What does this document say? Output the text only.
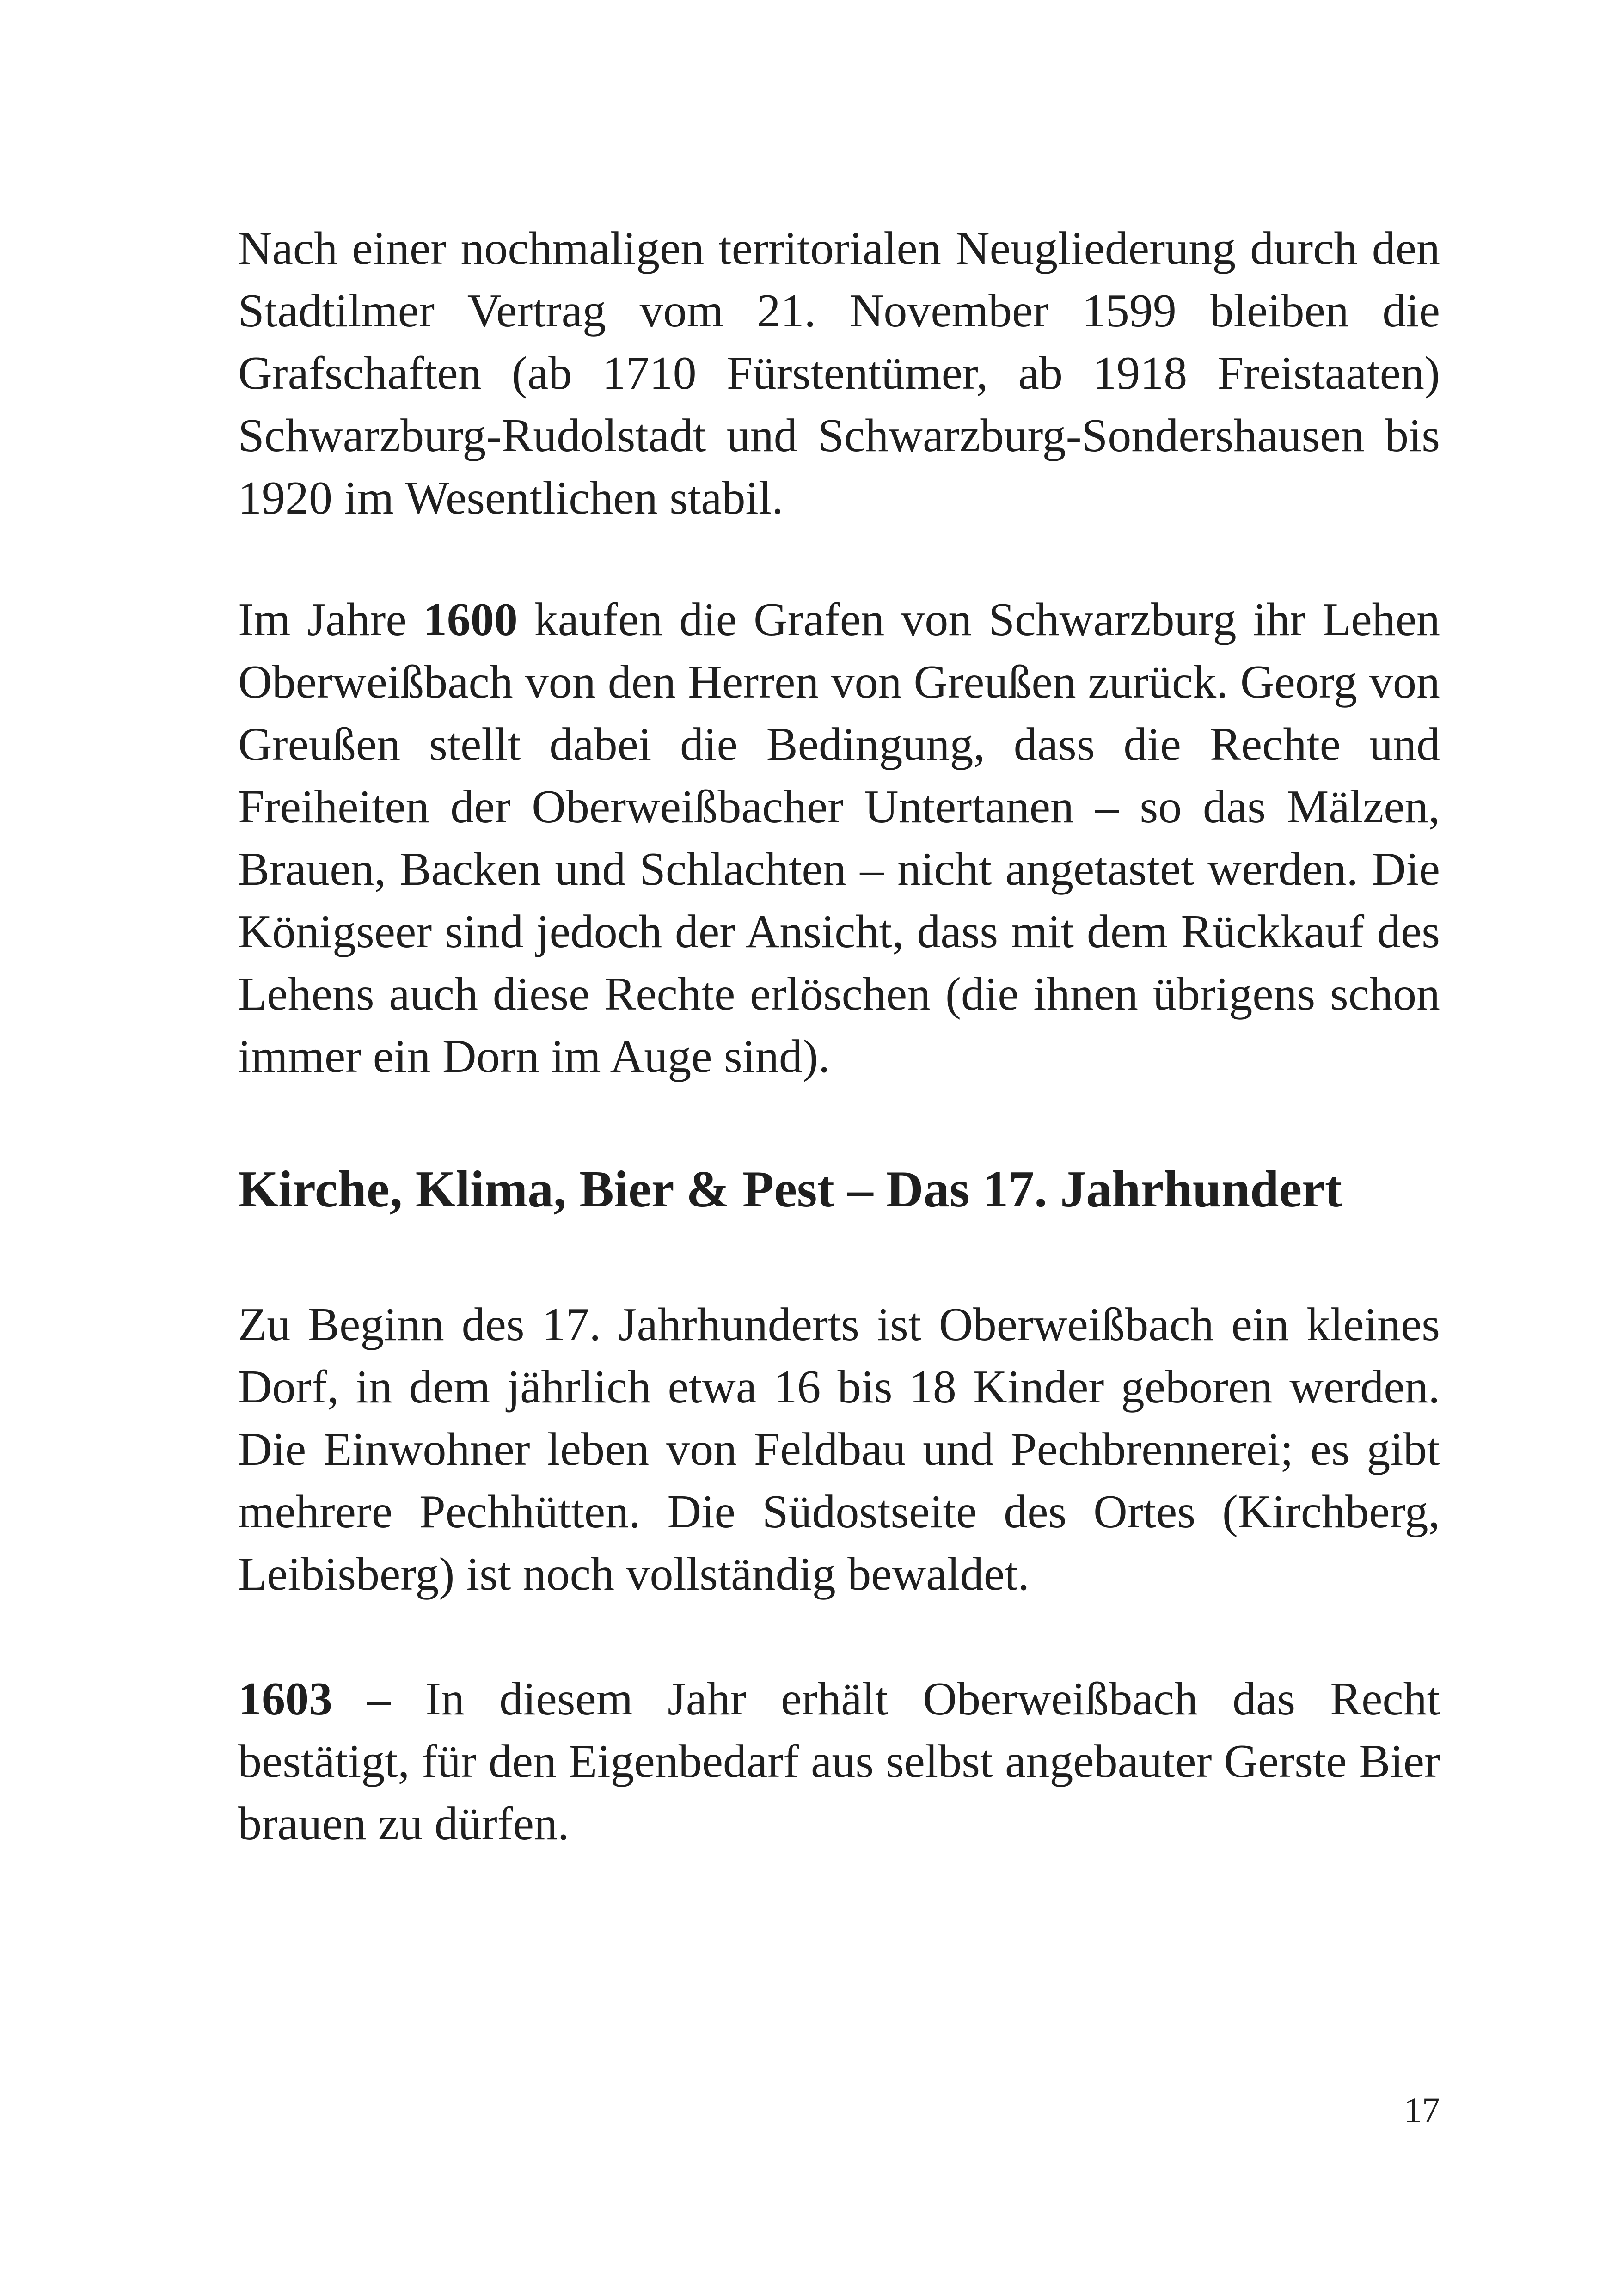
Nach einer nochmaligen territorialen Neugliederung durch den Stadtilmer Vertrag vom 21. November 1599 bleiben die Grafschaften (ab 1710 Fürstentümer, ab 1918 Freistaaten) Schwarzburg-Rudolstadt und Schwarzburg-Sondershausen bis 1920 im Wesentlichen stabil.

Im Jahre 1600 kaufen die Grafen von Schwarzburg ihr Lehen Oberweißbach von den Herren von Greußen zurück. Georg von Greußen stellt dabei die Bedingung, dass die Rechte und Freiheiten der Oberweißbacher Untertanen – so das Mälzen, Brauen, Backen und Schlachten – nicht angetastet werden. Die Königseer sind jedoch der Ansicht, dass mit dem Rückkauf des Lehens auch diese Rechte erlöschen (die ihnen übrigens schon immer ein Dorn im Auge sind).

Kirche, Klima, Bier & Pest – Das 17. Jahrhundert

Zu Beginn des 17. Jahrhunderts ist Oberweißbach ein kleines Dorf, in dem jährlich etwa 16 bis 18 Kinder geboren werden. Die Einwohner leben von Feldbau und Pechbrennerei; es gibt mehrere Pechhütten. Die Südostseite des Ortes (Kirchberg, Leibisberg) ist noch vollständig bewaldet.

1603 – In diesem Jahr erhält Oberweißbach das Recht bestätigt, für den Eigenbedarf aus selbst angebauter Gerste Bier brauen zu dürfen.

17
